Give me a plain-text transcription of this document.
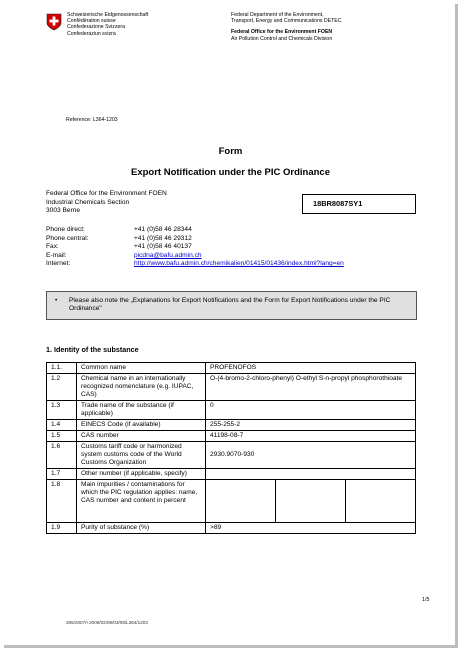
Schweizerische Eidgenossenschaft
Confédération suisse
Confederazione Svizzera
Confederaziun svizra
Federal Department of the Environment,
Transport, Energy and Communications DETEC
Federal Office for the Environment FOEN
Air Pollution Control and Chemicals Division
Reference: L364-1203
Form
Export Notification under the PIC Ordinance
Federal Office for the Environment FOEN
Industrial Chemicals Section
3003 Berne
18BR8087SY1
Phone direct:	+41 (0)58 46 28344
Phone central:	+41 (0)58 46 29312
Fax:	+41 (0)58 46 40137
E-mail:	picdna@bafu.admin.ch
Internet:	http://www.bafu.admin.ch/chemikalien/01415/01436/index.html?lang=en
•	Please also note the „Explanations for Export Notifications and the Form for Export Notifications under the PIC Ordinance"
1. Identity of the substance
1.1.	Common name	PROFENOFOS
1.2	Chemical name in an internationally recognized nomenclature (e.g. IUPAC, CAS)	O-(4-bromo-2-chloro-phenyl) O-ethyl S-n-propyl phosphorothioate
1.3	Trade name of the substance (if applicable)	0
1.4	EINECS Code (if available)	255-255-2
1.5	CAS number	41198-08-7
1.6	Customs tariff code or harmonized system customs code of the World Customs Organization	2930.9070-930
1.7	Other number (if applicable, specify)	
1.8	Main impurities / contaminations for which the PIC regulation applies: name, CAS number and content in percent	

1.9	Purity of substance (%)	>89
1/5
265/2007/+2009/02/09/03/06/L364/1203
